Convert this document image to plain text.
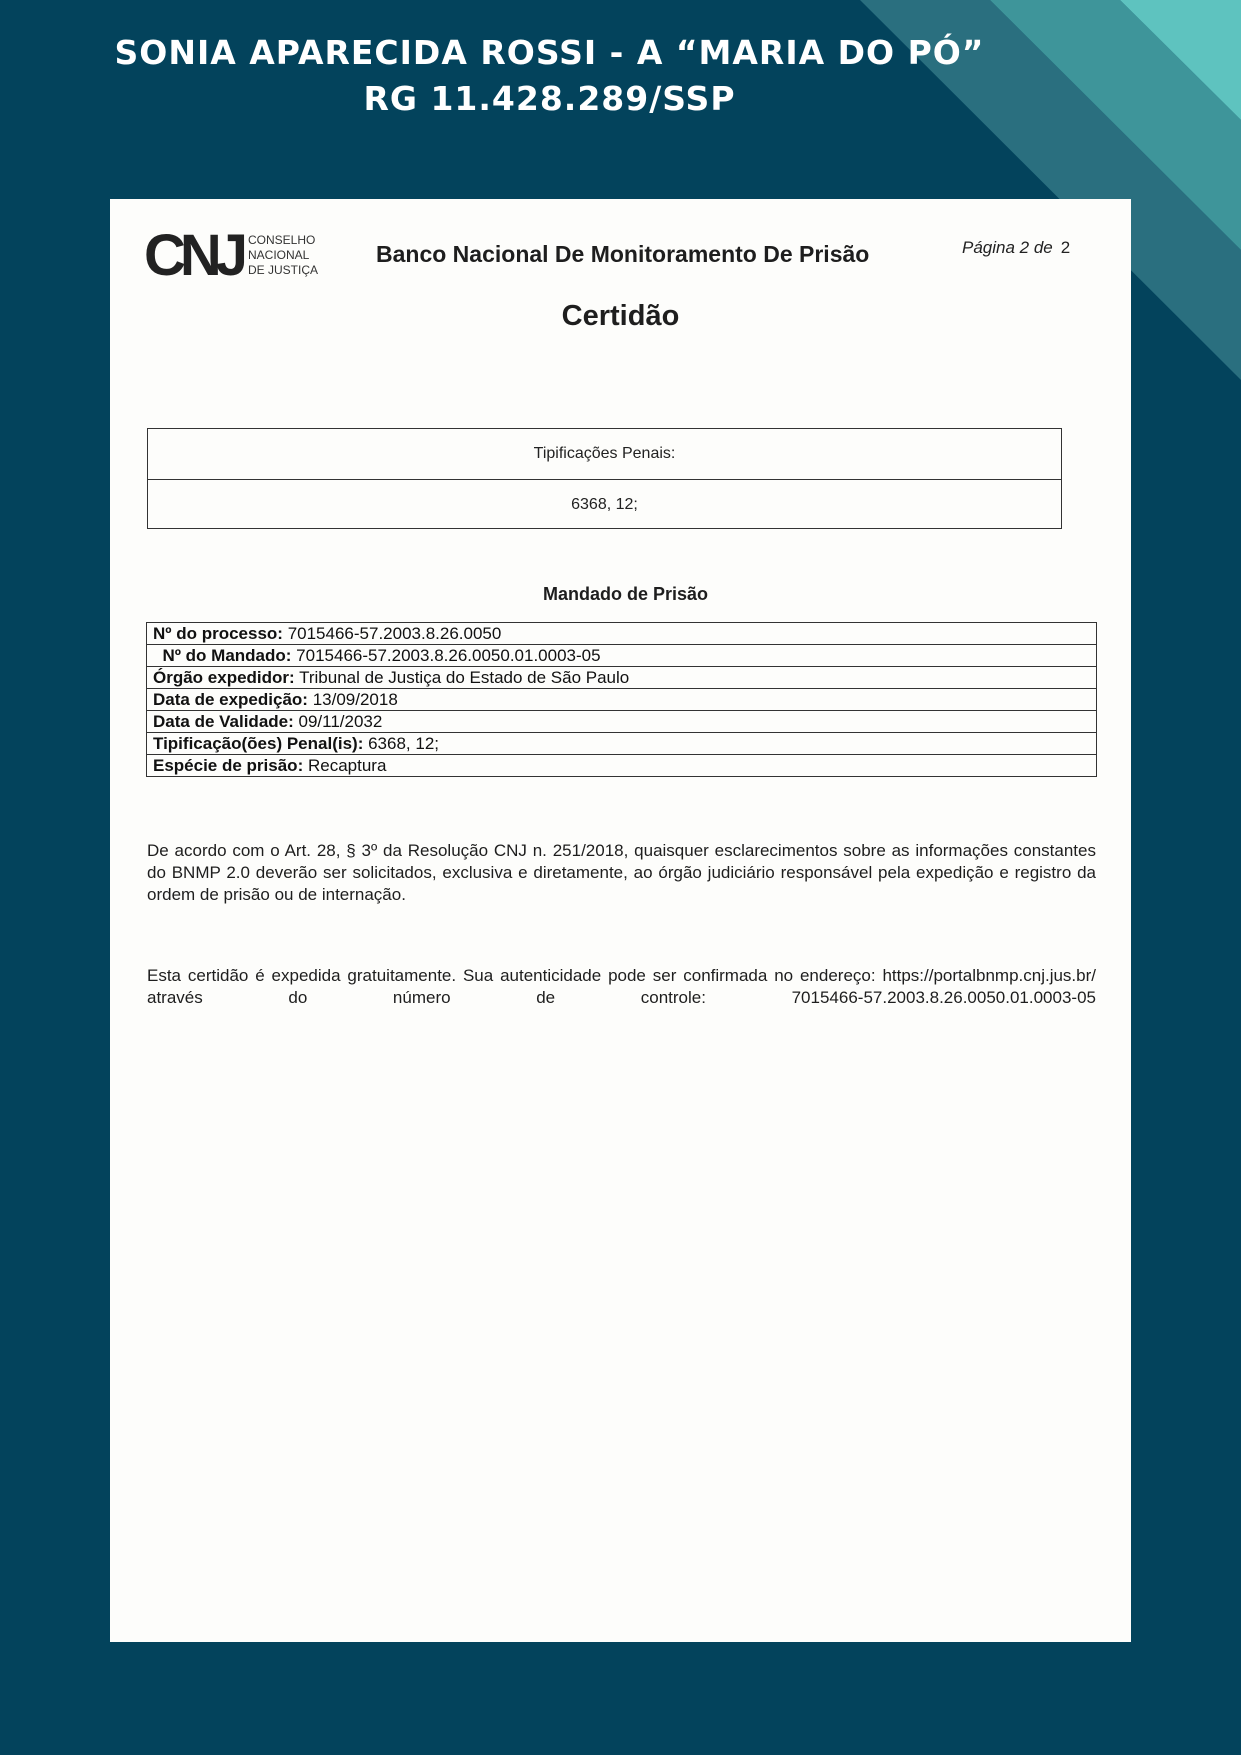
SONIA APARECIDA ROSSI - A “MARIA DO PÓ”
RG 11.428.289/SSP
CNJ CONSELHO
NACIONAL
DE JUSTIÇA
Banco Nacional De Monitoramento De Prisão	Página 2 de 2
Certidão
Tipificações Penais:
6368, 12;
Mandado de Prisão
Nº do processo: 7015466-57.2003.8.26.0050
Nº do Mandado: 7015466-57.2003.8.26.0050.01.0003-05
Órgão expedidor: Tribunal de Justiça do Estado de São Paulo
Data de expedição: 13/09/2018
Data de Validade: 09/11/2032
Tipificação(ões) Penal(is): 6368, 12;
Espécie de prisão: Recaptura
De acordo com o Art. 28, § 3º da Resolução CNJ n. 251/2018, quaisquer esclarecimentos sobre as informações constantes do BNMP 2.0 deverão ser solicitados, exclusiva e diretamente, ao órgão judiciário responsável pela expedição e registro da ordem de prisão ou de internação.
Esta certidão é expedida gratuitamente. Sua autenticidade pode ser confirmada no endereço: https://portalbnmp.cnj.jus.br/ através do número de controle: 7015466-57.2003.8.26.0050.01.0003-05
